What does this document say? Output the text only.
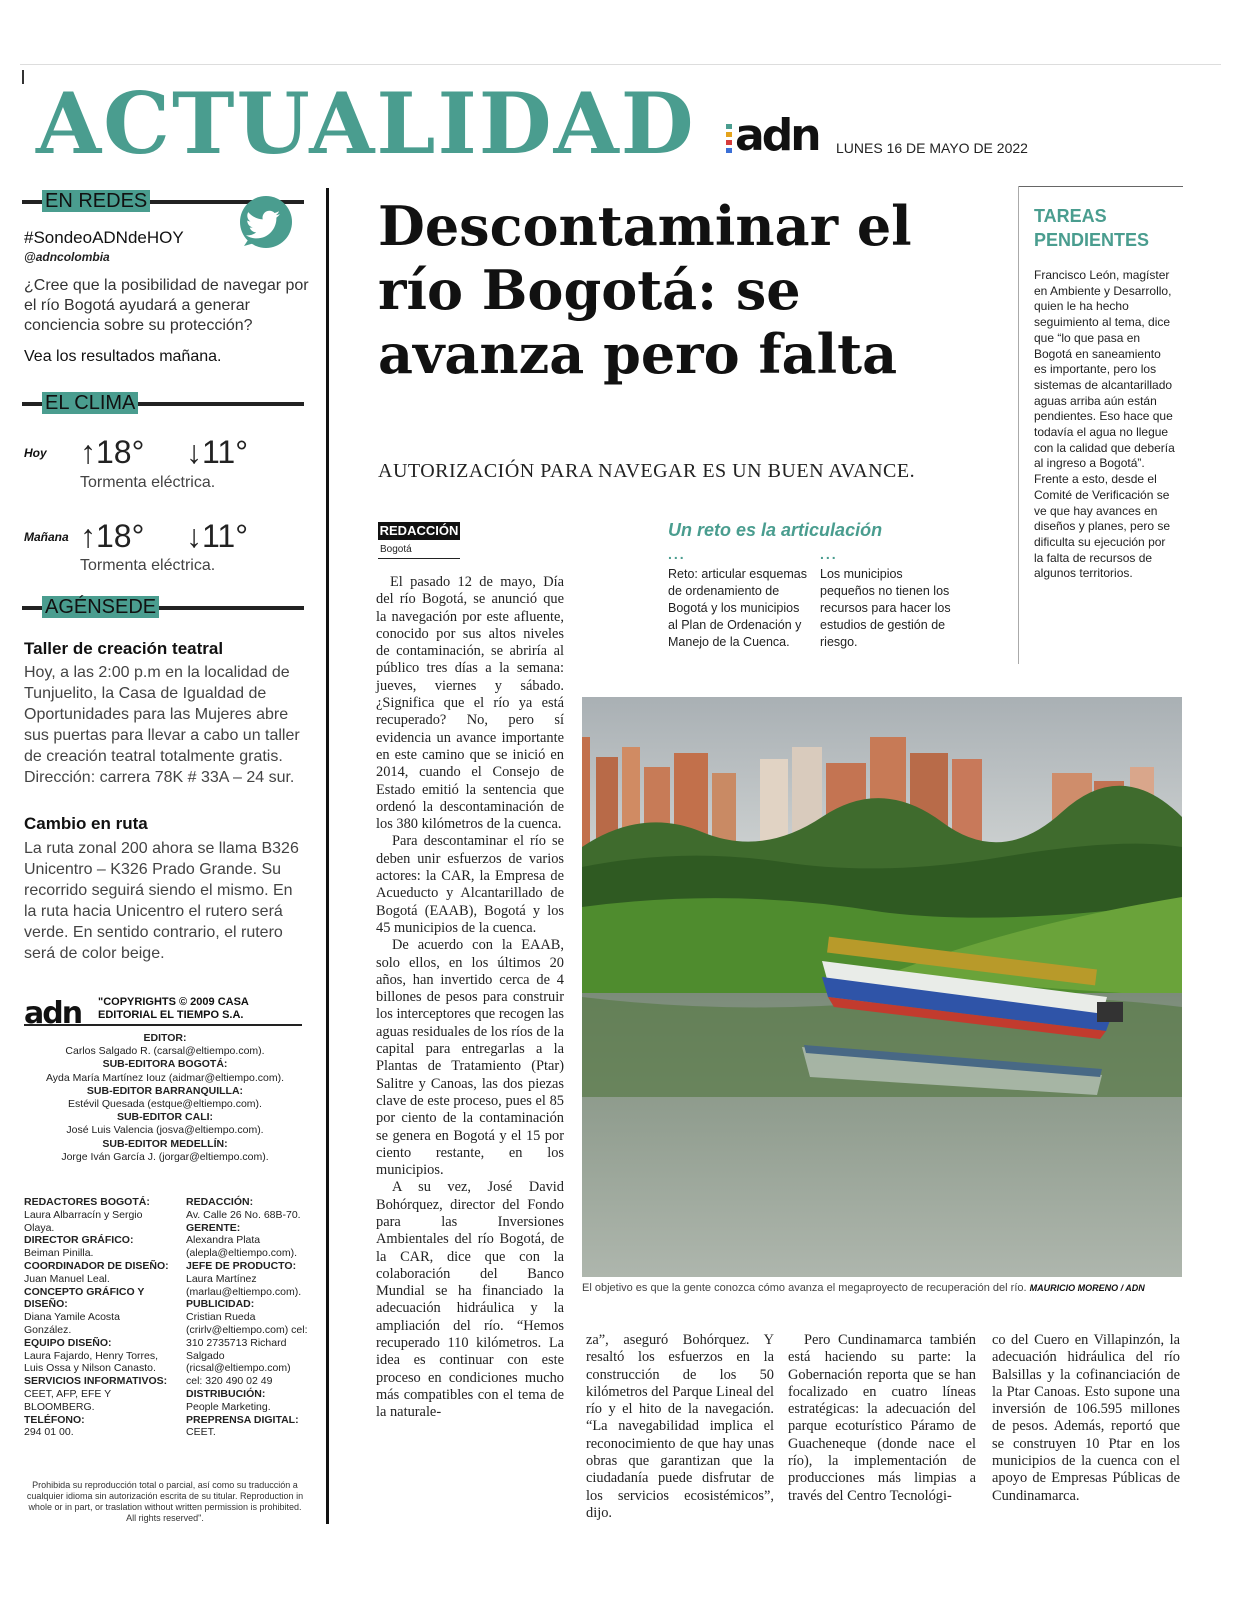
ACTUALIDAD adn LUNES 16 DE MAYO DE 2022
EN REDES
#SondeoADNdeHOY
@adncolombia
¿Cree que la posibilidad de navegar por el río Bogotá ayudará a generar conciencia sobre su protección?
Vea los resultados mañana.
EL CLIMA
Hoy ↑18° ↓11°
Tormenta eléctrica.
Mañana ↑18° ↓11°
Tormenta eléctrica.
AGÉNSEDE
Taller de creación teatral
Hoy, a las 2:00 p.m en la localidad de Tunjuelito, la Casa de Igualdad de Oportunidades para las Mujeres abre sus puertas para llevar a cabo un taller de creación teatral totalmente gratis. Dirección: carrera 78K # 33A – 24 sur.
Cambio en ruta
La ruta zonal 200 ahora se llama B326 Unicentro – K326 Prado Grande. Su recorrido seguirá siendo el mismo. En la ruta hacia Unicentro el rutero será verde. En sentido contrario, el rutero será de color beige.
adn "COPYRIGHTS © 2009 CASA EDITORIAL EL TIEMPO S.A.
EDITOR:
Carlos Salgado R. (carsal@eltiempo.com).
SUB-EDITORA BOGOTÁ:
Ayda María Martínez Iouz (aidmar@eltiempo.com).
SUB-EDITOR BARRANQUILLA:
Estévil Quesada (estque@eltiempo.com).
SUB-EDITOR CALI:
José Luis Valencia (josva@eltiempo.com).
SUB-EDITOR MEDELLÍN:
Jorge Iván García J. (jorgar@eltiempo.com).
REDACTORES BOGOTÁ:
Laura Albarracín y Sergio Olaya.
DIRECTOR GRÁFICO:
Beiman Pinilla.
COORDINADOR DE DISEÑO:
Juan Manuel Leal.
CONCEPTO GRÁFICO Y DISEÑO:
Diana Yamile Acosta González.
EQUIPO DISEÑO:
Laura Fajardo, Henry Torres, Luis Ossa y Nilson Canasto.
SERVICIOS INFORMATIVOS:
CEET, AFP, EFE Y BLOOMBERG.
TELÉFONO:
294 01 00.
REDACCIÓN:
Av. Calle 26 No. 68B-70.
GERENTE:
Alexandra Plata (alepla@eltiempo.com).
JEFE DE PRODUCTO:
Laura Martínez (marlau@eltiempo.com).
PUBLICIDAD:
Cristian Rueda (crirlv@eltiempo.com) cel: 310 2735713 Richard Salgado (ricsal@eltiempo.com) cel: 320 490 02 49
DISTRIBUCIÓN:
People Marketing.
PREPRENSA DIGITAL:
CEET.
Prohibida su reproducción total o parcial, así como su traducción a cualquier idioma sin autorización escrita de su titular. Reproduction in whole or in part, or traslation without written permission is prohibited. All rights reserved".
Descontaminar el río Bogotá: se avanza pero falta
AUTORIZACIÓN PARA NAVEGAR ES UN BUEN AVANCE.
REDACCIÓN
Bogotá

El pasado 12 de mayo, Día del río Bogotá, se anunció que la navegación por este afluente, conocido por sus altos niveles de contaminación, se abriría al público tres días a la semana: jueves, viernes y sábado. ¿Significa que el río ya está recuperado? No, pero sí evidencia un avance importante en este camino que se inició en 2014, cuando el Consejo de Estado emitió la sentencia que ordenó la descontaminación de los 380 kilómetros de la cuenca.

Para descontaminar el río se deben unir esfuerzos de varios actores: la CAR, la Empresa de Acueducto y Alcantarillado de Bogotá (EAAB), Bogotá y los 45 municipios de la cuenca.

De acuerdo con la EAAB, solo ellos, en los últimos 20 años, han invertido cerca de 4 billones de pesos para construir los interceptores que recogen las aguas residuales de los ríos de la capital para entregarlas a la Plantas de Tratamiento (Ptar) Salitre y Canoas, las dos piezas clave de este proceso, pues el 85 por ciento de la contaminación se genera en Bogotá y el 15 por ciento restante, en los municipios.

A su vez, José David Bohórquez, director del Fondo para las Inversiones Ambientales del río Bogotá, de la CAR, dice que con la colaboración del Banco Mundial se ha financiado la adecuación hidráulica y la ampliación del río. “Hemos recuperado 110 kilómetros. La idea es continuar con este proceso en condiciones mucho más compatibles con el tema de la naturale-

za”, aseguró Bohórquez. Y resaltó los esfuerzos en la construcción de los 50 kilómetros del Parque Lineal del río y el hito de la navegación. “La navegabilidad implica el reconocimiento de que hay unas obras que garantizan que la ciudadanía puede disfrutar de los servicios ecosistémicos”, dijo.

Pero Cundinamarca también está haciendo su parte: la Gobernación reporta que se han focalizado en cuatro líneas estratégicas: la adecuación del parque ecoturístico Páramo de Guacheneque (donde nace el río), la implementación de producciones más limpias a través del Centro Tecnológi-

co del Cuero en Villapinzón, la adecuación hidráulica del río Balsillas y la cofinanciación de la Ptar Canoas. Esto supone una inversión de 106.595 millones de pesos. Además, reportó que se construyen 10 Ptar en los municipios de la cuenca con el apoyo de Empresas Públicas de Cundinamarca.

Un reto es la articulación
...	...
Reto: articular esquemas de ordenamiento de Bogotá y los municipios al Plan de Ordenación y Manejo de la Cuenca.
Los municipios pequeños no tienen los recursos para hacer los estudios de gestión de riesgo.
TAREAS PENDIENTES
Francisco León, magíster en Ambiente y Desarrollo, quien le ha hecho seguimiento al tema, dice que “lo que pasa en Bogotá en saneamiento es importante, pero los sistemas de alcantarillado aguas arriba aún están pendientes. Eso hace que todavía el agua no llegue con la calidad que debería al ingreso a Bogotá”. Frente a esto, desde el Comité de Verificación se ve que hay avances en diseños y planes, pero se dificulta su ejecución por la falta de recursos de algunos territorios.
El objetivo es que la gente conozca cómo avanza el megaproyecto de recuperación del río. MAURICIO MORENO / ADN
